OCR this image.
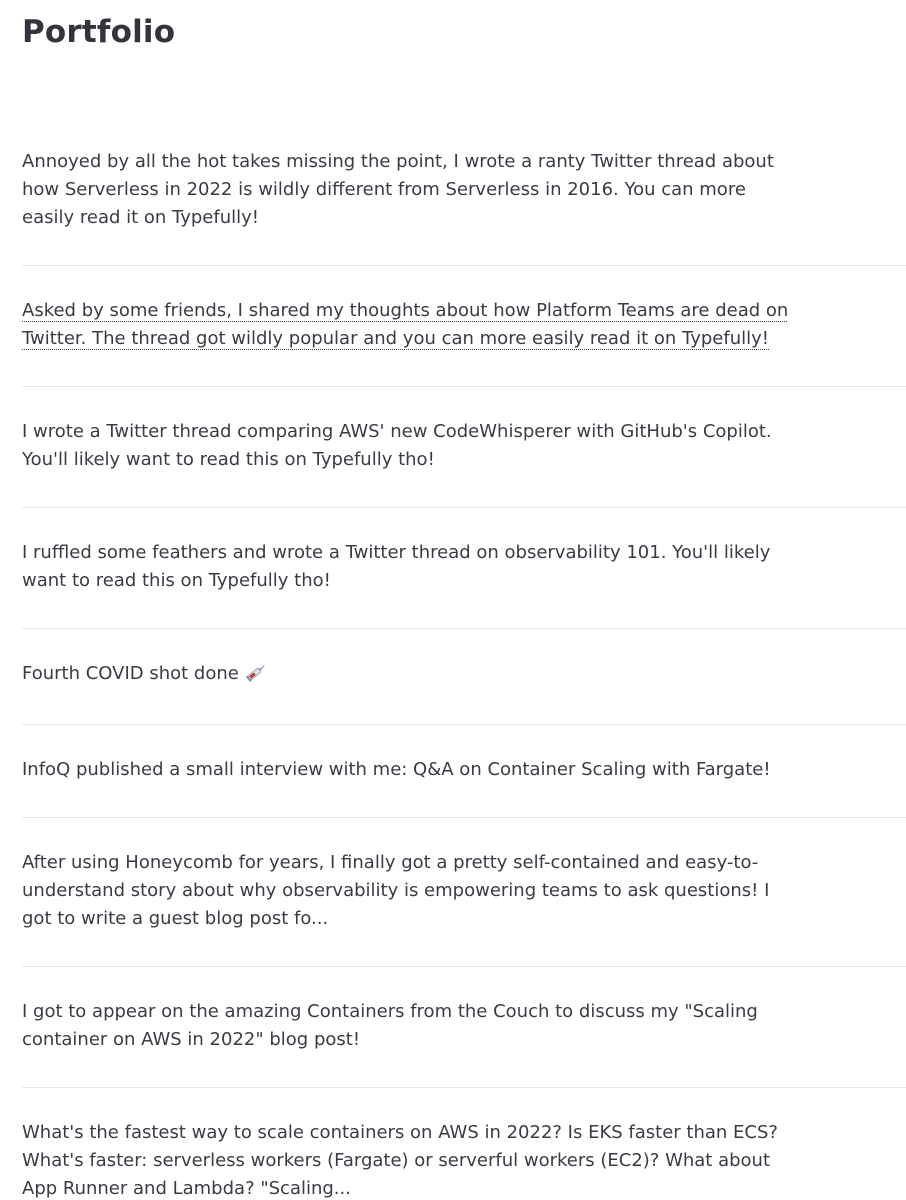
Portfolio
Annoyed by all the hot takes missing the point, I wrote a ranty Twitter thread about how Serverless in 2022 is wildly different from Serverless in 2016. You can more easily read it on Typefully!
Asked by some friends, I shared my thoughts about how Platform Teams are dead on Twitter. The thread got wildly popular and you can more easily read it on Typefully!
I wrote a Twitter thread comparing AWS' new CodeWhisperer with GitHub's Copilot. You'll likely want to read this on Typefully tho!
I ruffled some feathers and wrote a Twitter thread on observability 101. You'll likely want to read this on Typefully tho!
Fourth COVID shot done
InfoQ published a small interview with me: Q&A on Container Scaling with Fargate!
After using Honeycomb for years, I finally got a pretty self-contained and easy-to-understand story about why observability is empowering teams to ask questions! I got to write a guest blog post fo...
I got to appear on the amazing Containers from the Couch to discuss my "Scaling container on AWS in 2022" blog post!
What's the fastest way to scale containers on AWS in 2022? Is EKS faster than ECS? What's faster: serverless workers (Fargate) or serverful workers (EC2)? What about App Runner and Lambda? "Scaling...
